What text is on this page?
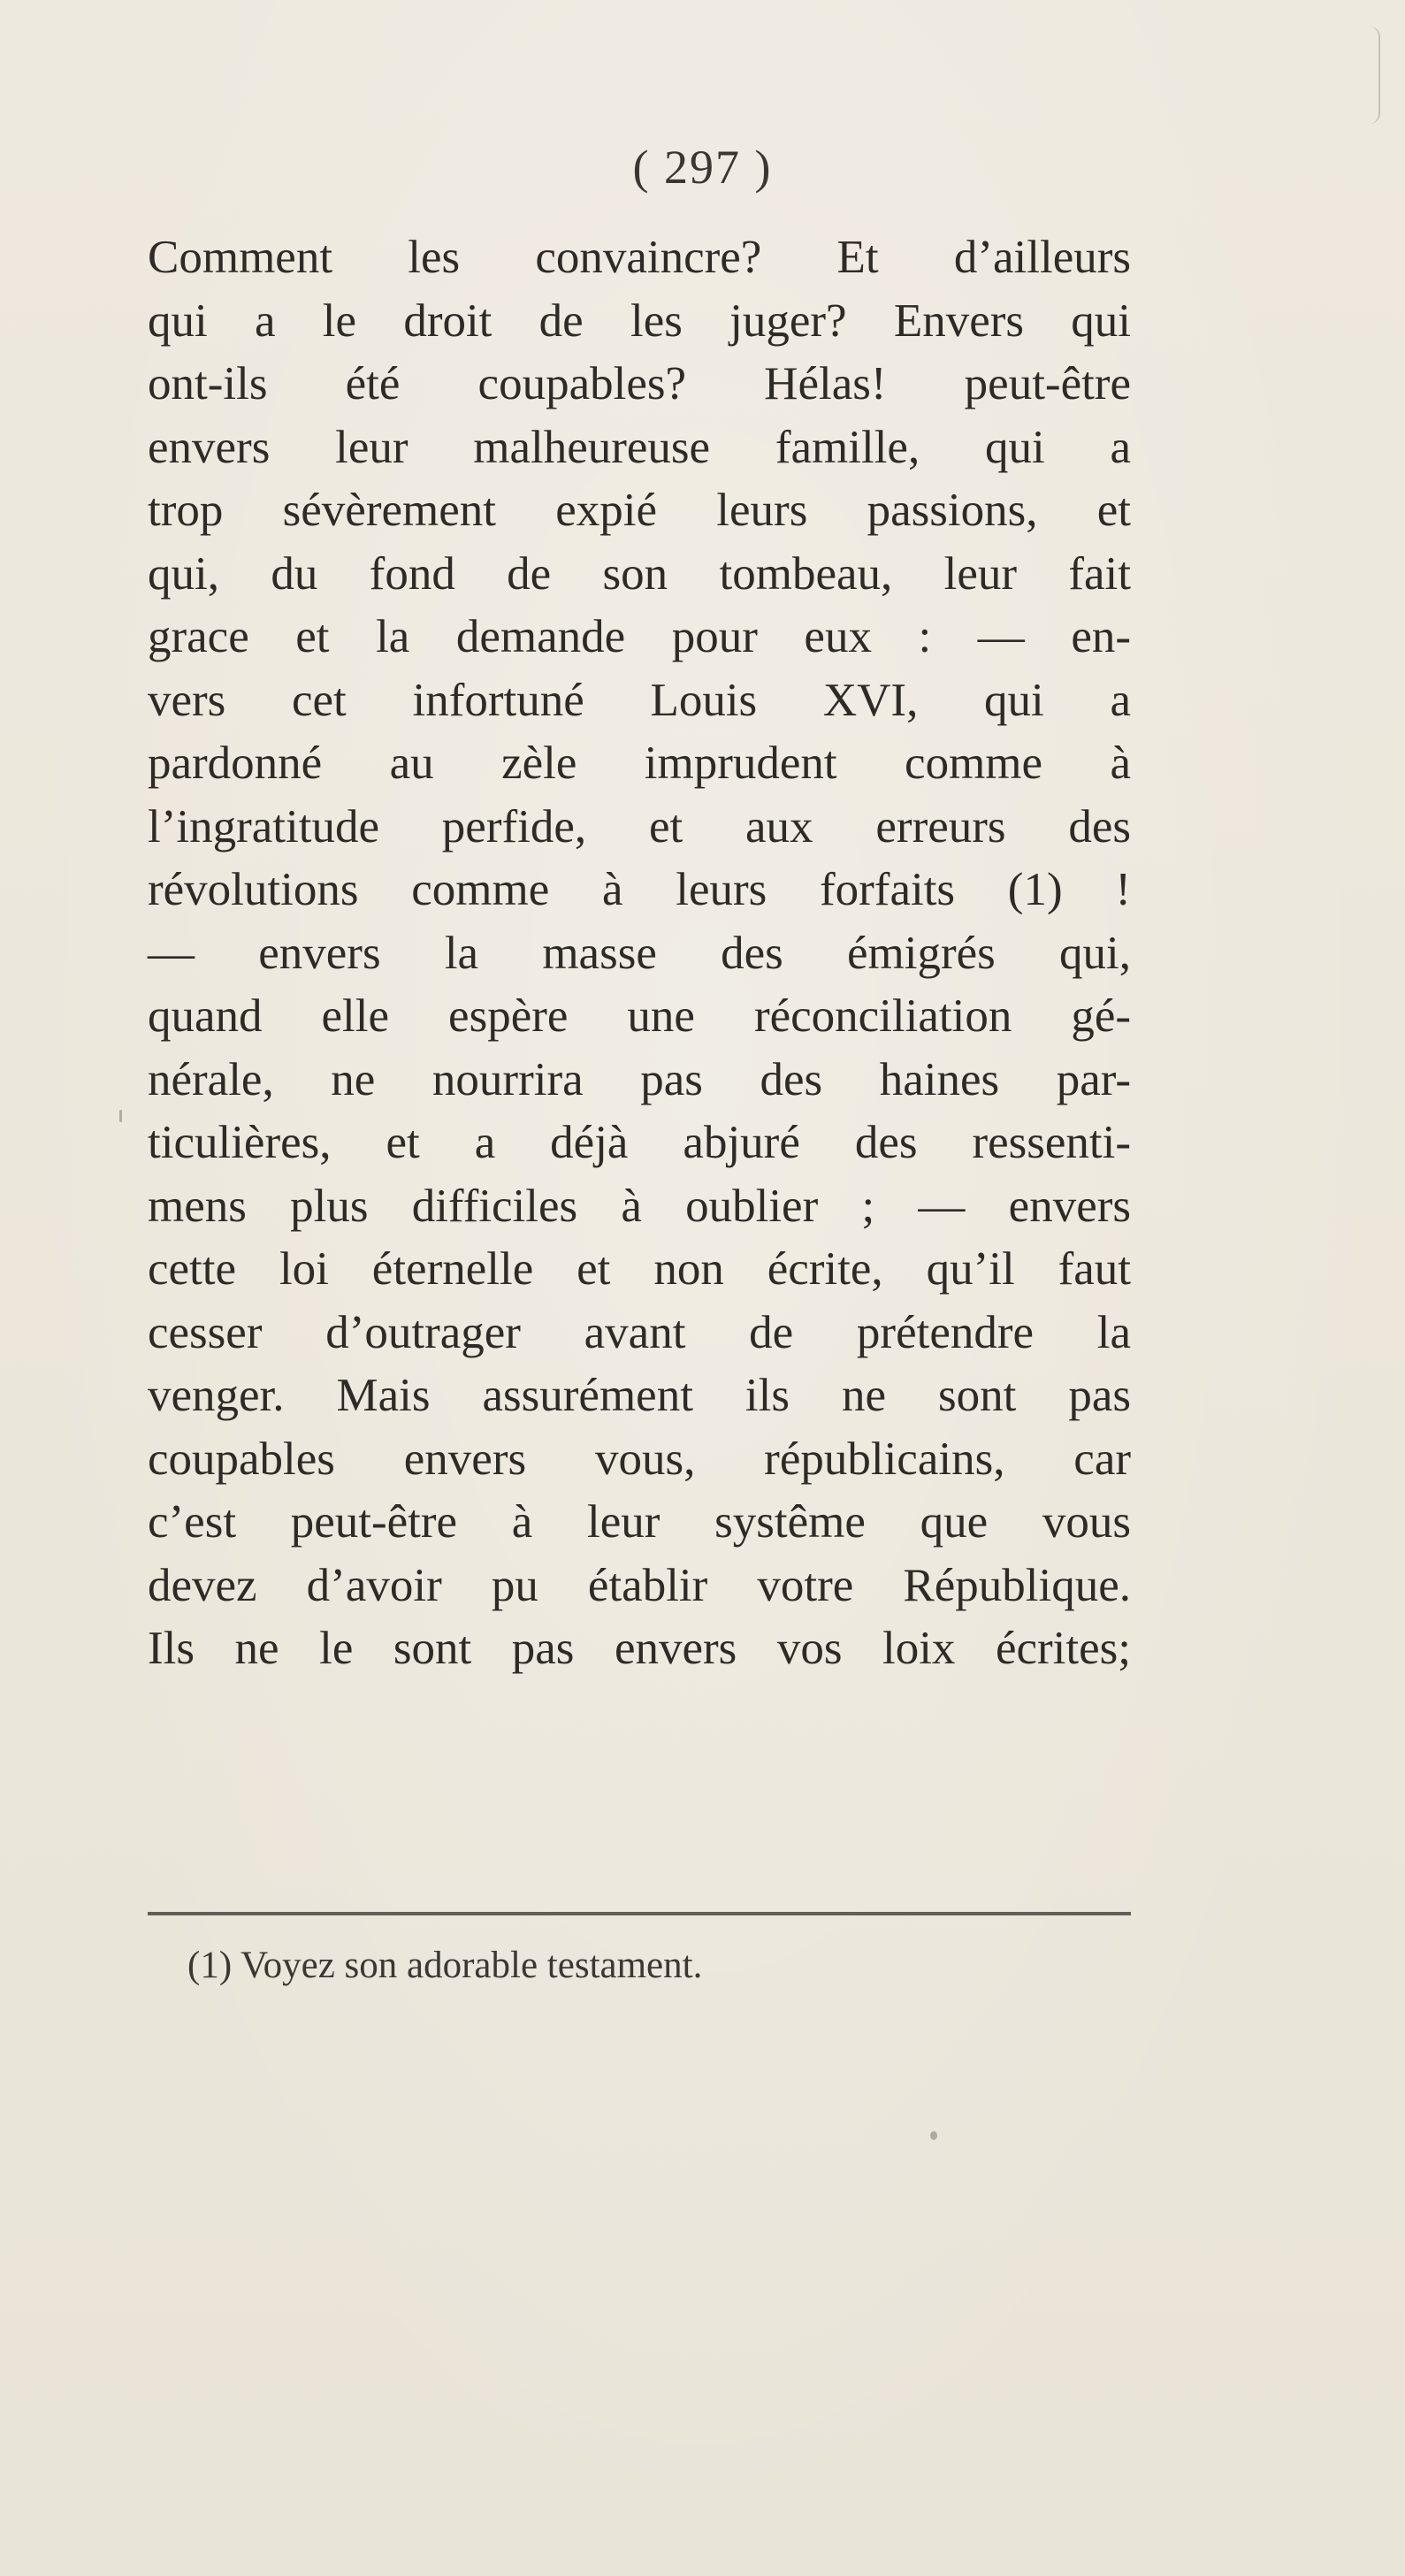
( 297 )
Comment les convaincre? Et d’ailleurs
qui a le droit de les juger? Envers qui
ont-ils été coupables? Hélas! peut-être
envers leur malheureuse famille, qui a
trop sévèrement expié leurs passions, et
qui, du fond de son tombeau, leur fait
grace et la demande pour eux : — en-
vers cet infortuné Louis XVI, qui a
pardonné au zèle imprudent comme à
l’ingratitude perfide, et aux erreurs des
révolutions comme à leurs forfaits (1) !
— envers la masse des émigrés qui,
quand elle espère une réconciliation gé-
nérale, ne nourrira pas des haines par-
ticulières, et a déjà abjuré des ressenti-
mens plus difficiles à oublier ; — envers
cette loi éternelle et non écrite, qu’il faut
cesser d’outrager avant de prétendre la
venger. Mais assurément ils ne sont pas
coupables envers vous, républicains, car
c’est peut-être à leur systême que vous
devez d’avoir pu établir votre République.
Ils ne le sont pas envers vos loix écrites;
(1) Voyez son adorable testament.
